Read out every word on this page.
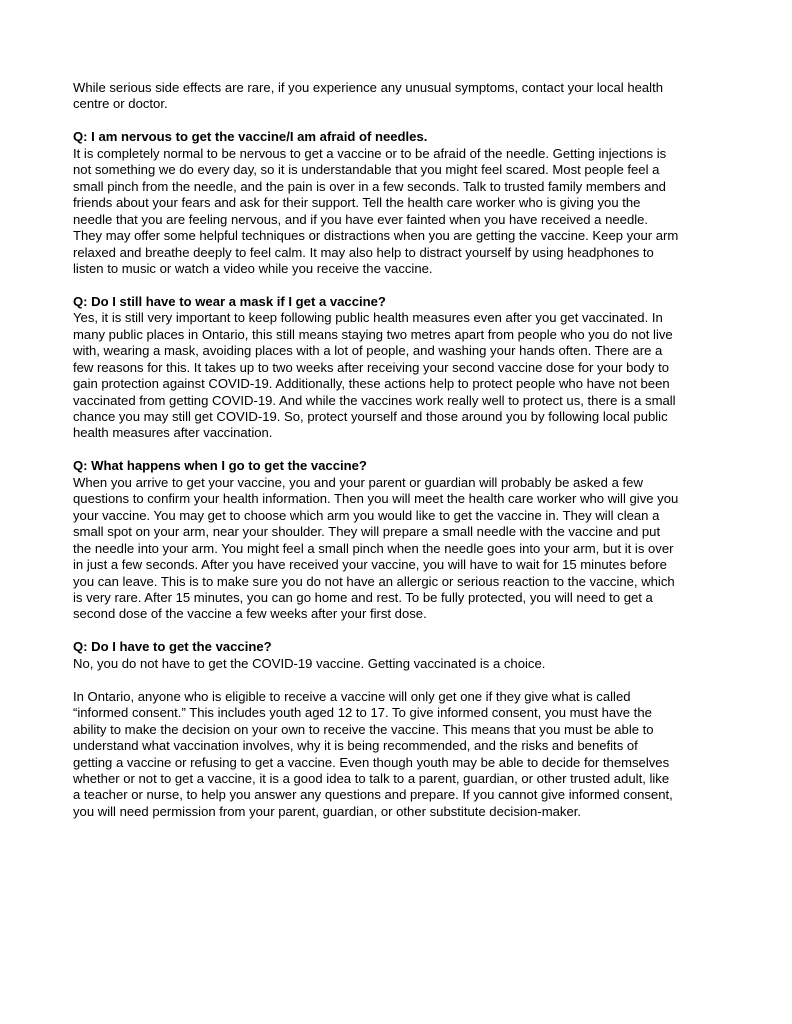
While serious side effects are rare, if you experience any unusual symptoms, contact your local health centre or doctor.

Q: I am nervous to get the vaccine/I am afraid of needles.
It is completely normal to be nervous to get a vaccine or to be afraid of the needle. Getting injections is not something we do every day, so it is understandable that you might feel scared. Most people feel a small pinch from the needle, and the pain is over in a few seconds. Talk to trusted family members and friends about your fears and ask for their support. Tell the health care worker who is giving you the needle that you are feeling nervous, and if you have ever fainted when you have received a needle. They may offer some helpful techniques or distractions when you are getting the vaccine. Keep your arm relaxed and breathe deeply to feel calm. It may also help to distract yourself by using headphones to listen to music or watch a video while you receive the vaccine.
Q: Do I still have to wear a mask if I get a vaccine?
Yes, it is still very important to keep following public health measures even after you get vaccinated. In many public places in Ontario, this still means staying two metres apart from people who you do not live with, wearing a mask, avoiding places with a lot of people, and washing your hands often. There are a few reasons for this. It takes up to two weeks after receiving your second vaccine dose for your body to gain protection against COVID-19. Additionally, these actions help to protect people who have not been vaccinated from getting COVID-19. And while the vaccines work really well to protect us, there is a small chance you may still get COVID-19. So, protect yourself and those around you by following local public health measures after vaccination.
Q: What happens when I go to get the vaccine?
When you arrive to get your vaccine, you and your parent or guardian will probably be asked a few questions to confirm your health information. Then you will meet the health care worker who will give you your vaccine. You may get to choose which arm you would like to get the vaccine in. They will clean a small spot on your arm, near your shoulder. They will prepare a small needle with the vaccine and put the needle into your arm. You might feel a small pinch when the needle goes into your arm, but it is over in just a few seconds. After you have received your vaccine, you will have to wait for 15 minutes before you can leave. This is to make sure you do not have an allergic or serious reaction to the vaccine, which is very rare. After 15 minutes, you can go home and rest. To be fully protected, you will need to get a second dose of the vaccine a few weeks after your first dose.
Q: Do I have to get the vaccine?
No, you do not have to get the COVID-19 vaccine. Getting vaccinated is a choice.

In Ontario, anyone who is eligible to receive a vaccine will only get one if they give what is called “informed consent.” This includes youth aged 12 to 17. To give informed consent, you must have the ability to make the decision on your own to receive the vaccine. This means that you must be able to understand what vaccination involves, why it is being recommended, and the risks and benefits of getting a vaccine or refusing to get a vaccine. Even though youth may be able to decide for themselves whether or not to get a vaccine, it is a good idea to talk to a parent, guardian, or other trusted adult, like a teacher or nurse, to help you answer any questions and prepare. If you cannot give informed consent, you will need permission from your parent, guardian, or other substitute decision-maker.
